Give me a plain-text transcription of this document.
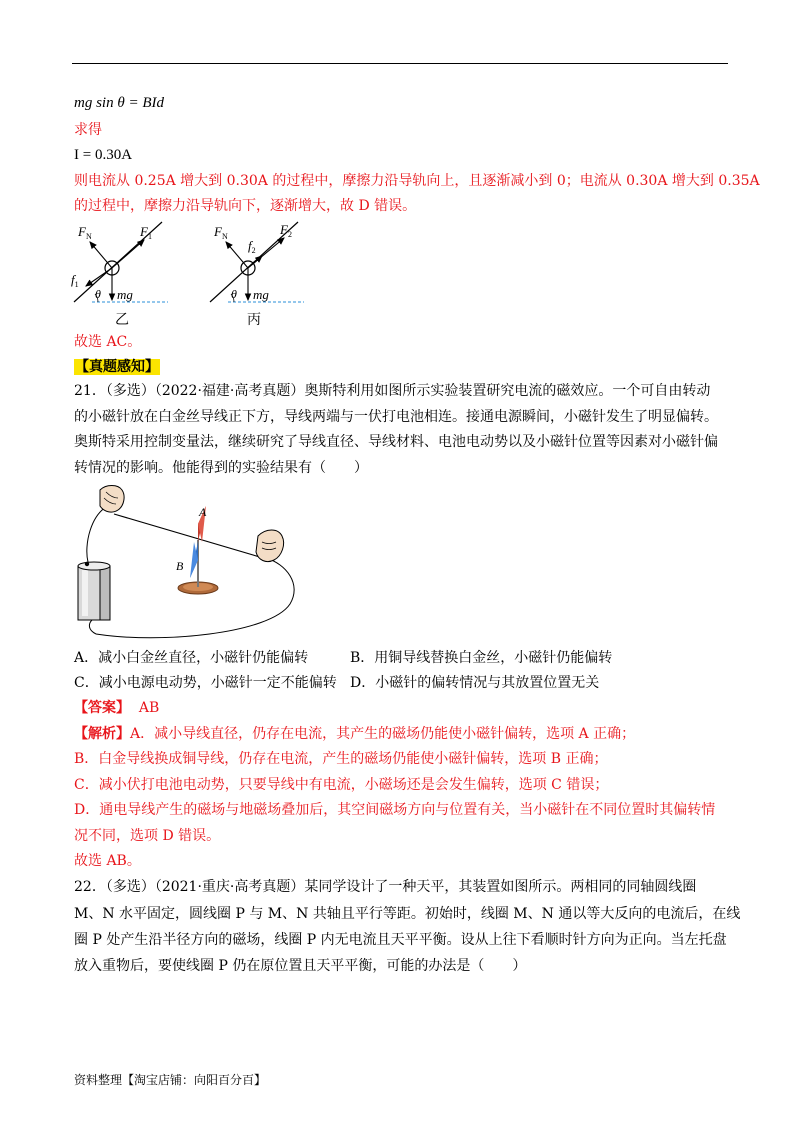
mg sin θ = BId
求得
I = 0.30A
则电流从 0.25A 增大到 0.30A 的过程中，摩擦力沿导轨向上，且逐渐减小到 0；电流从 0.30A 增大到 0.35A
的过程中，摩擦力沿导轨向下，逐渐增大，故 D 错误。
$F_N$	$F_1$
$f_1$
θ mg
乙
$F_N$	$F_2$
$f_2$
θ mg
丙
故选 AC。
【真题感知】
21．（多选）（2022·福建·高考真题）奥斯特利用如图所示实验装置研究电流的磁效应。一个可自由转动
的小磁针放在白金丝导线正下方，导线两端与一伏打电池相连。接通电源瞬间，小磁针发生了明显偏转。
奥斯特采用控制变量法，继续研究了导线直径、导线材料、电池电动势以及小磁针位置等因素对小磁针偏
转情况的影响。他能得到的实验结果有（　　）
A
B
A．减小白金丝直径，小磁针仍能偏转	B．用铜导线替换白金丝，小磁针仍能偏转
C．减小电源电动势，小磁针一定不能偏转 D．小磁针的偏转情况与其放置位置无关
【答案】 AB
【解析】A．减小导线直径，仍存在电流，其产生的磁场仍能使小磁针偏转，选项 A 正确；
B．白金导线换成铜导线，仍存在电流，产生的磁场仍能使小磁针偏转，选项 B 正确；
C．减小伏打电池电动势，只要导线中有电流，小磁场还是会发生偏转，选项 C 错误；
D．通电导线产生的磁场与地磁场叠加后，其空间磁场方向与位置有关，当小磁针在不同位置时其偏转情
况不同，选项 D 错误。
故选 AB。
22．（多选）（2021·重庆·高考真题）某同学设计了一种天平，其装置如图所示。两相同的同轴圆线圈
M、N 水平固定，圆线圈 P 与 M、N 共轴且平行等距。初始时，线圈 M、N 通以等大反向的电流后，在线
圈 P 处产生沿半径方向的磁场，线圈 P 内无电流且天平平衡。设从上往下看顺时针方向为正向。当左托盘
放入重物后，要使线圈 P 仍在原位置且天平平衡，可能的办法是（　　）
资料整理【淘宝店铺：向阳百分百】
